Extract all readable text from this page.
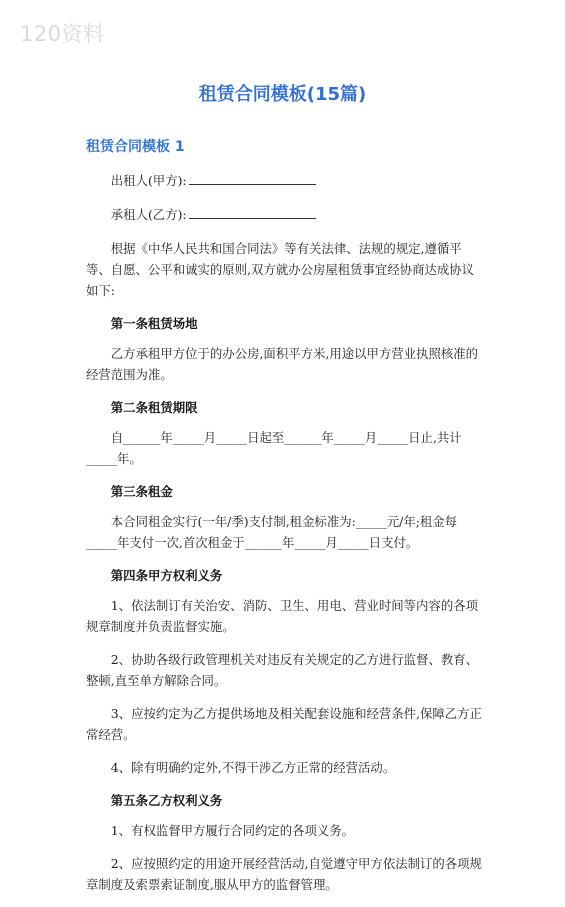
120资料
租赁合同模板(15篇)
租赁合同模板 1

出租人(甲方):

承租人(乙方):

根据《中华人民共和国合同法》等有关法律、法规的规定,遵循平等、自愿、公平和诚实的原则,双方就办公房屋租赁事宜经协商达成协议如下:

第一条租赁场地

乙方承租甲方位于的办公房,面积平方米,用途以甲方营业执照核准的经营范围为准。

第二条租赁期限

自______年_____月_____日起至______年_____月_____日止,共计_____年。

第三条租金

本合同租金实行(一年/季)支付制,租金标准为:_____元/年;租金每_____年支付一次,首次租金于______年_____月_____日支付。

第四条甲方权利义务

1、依法制订有关治安、消防、卫生、用电、营业时间等内容的各项规章制度并负责监督实施。

2、协助各级行政管理机关对违反有关规定的乙方进行监督、教育、整顿,直至单方解除合同。

3、应按约定为乙方提供场地及相关配套设施和经营条件,保障乙方正常经营。

4、除有明确约定外,不得干涉乙方正常的经营活动。

第五条乙方权利义务

1、有权监督甲方履行合同约定的各项义务。

2、应按照约定的用途开展经营活动,自觉遵守甲方依法制订的各项规章制度及索票索证制度,服从甲方的监督管理。
